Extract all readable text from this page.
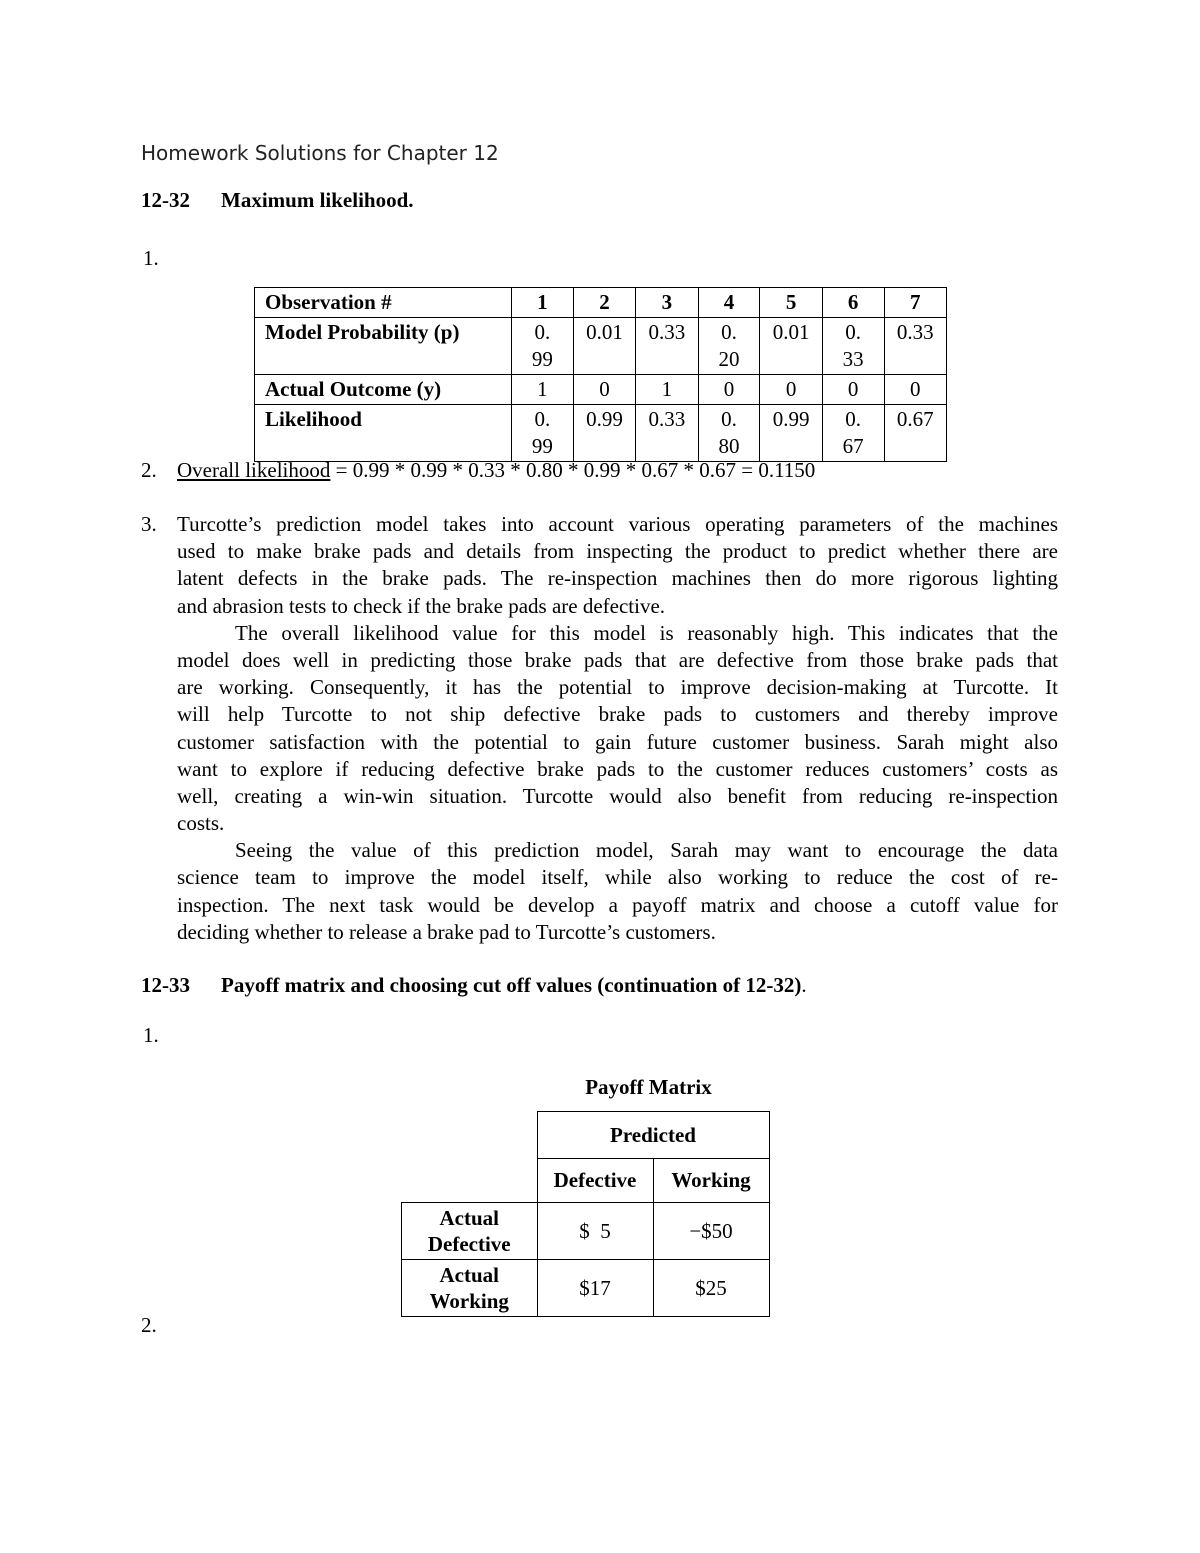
Homework Solutions for Chapter 12
12-32 Maximum likelihood.
1.
Observation #	1	2	3	4	5	6	7
Model Probability (p)	0.99	0.01	0.33	0.20	0.01	0.33	0.33
Actual Outcome (y)	1	0	1	0	0	0	0
Likelihood	0.99	0.99	0.33	0.80	0.99	0.67	0.67
2. Overall likelihood = 0.99 * 0.99 * 0.33 * 0.80 * 0.99 * 0.67 * 0.67 = 0.1150
3. Turcotte’s prediction model takes into account various operating parameters of the machines
used to make brake pads and details from inspecting the product to predict whether there are
latent defects in the brake pads. The re-inspection machines then do more rigorous lighting
and abrasion tests to check if the brake pads are defective.
The overall likelihood value for this model is reasonably high. This indicates that the
model does well in predicting those brake pads that are defective from those brake pads that
are working. Consequently, it has the potential to improve decision-making at Turcotte. It
will help Turcotte to not ship defective brake pads to customers and thereby improve
customer satisfaction with the potential to gain future customer business. Sarah might also
want to explore if reducing defective brake pads to the customer reduces customers’ costs as
well, creating a win-win situation. Turcotte would also benefit from reducing re-inspection
costs.
Seeing the value of this prediction model, Sarah may want to encourage the data
science team to improve the model itself, while also working to reduce the cost of re-
inspection. The next task would be develop a payoff matrix and choose a cutoff value for
deciding whether to release a brake pad to Turcotte’s customers.
12-33 Payoff matrix and choosing cut off values (continuation of 12-32).
1.
Payoff Matrix
	Predicted	
	Defective	Working
Actual
Defective	$  5	−$50
Actual
Working	$17	$25
2.
